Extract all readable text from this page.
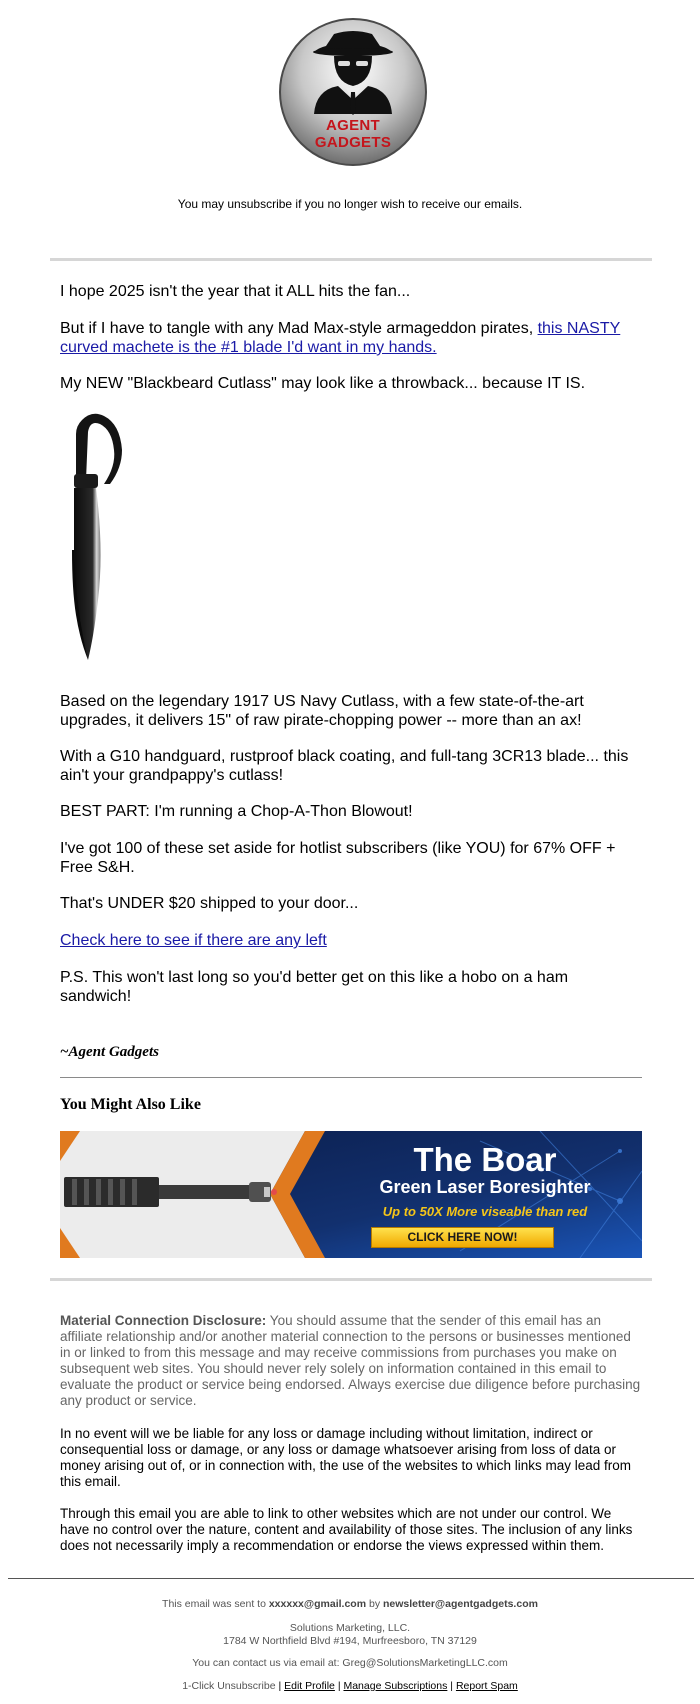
AGENT
GADGETS
You may unsubscribe if you no longer wish to receive our emails.
I hope 2025 isn't the year that it ALL hits the fan...
But if I have to tangle with any Mad Max-style armageddon pirates, this NASTY curved machete is the #1 blade I'd want in my hands.
My NEW "Blackbeard Cutlass" may look like a throwback... because IT IS.
Based on the legendary 1917 US Navy Cutlass, with a few state-of-the-art upgrades, it delivers 15" of raw pirate-chopping power -- more than an ax!
With a G10 handguard, rustproof black coating, and full-tang 3CR13 blade... this ain't your grandpappy's cutlass!
BEST PART: I'm running a Chop-A-Thon Blowout!
I've got 100 of these set aside for hotlist subscribers (like YOU) for 67% OFF + Free S&H.
That's UNDER $20 shipped to your door...
Check here to see if there are any left
P.S. This won't last long so you'd better get on this like a hobo on a ham sandwich!
~Agent Gadgets
You Might Also Like
The Boar
Green Laser Boresighter
Up to 50X More viseable than red
CLICK HERE NOW!
Material Connection Disclosure: You should assume that the sender of this email has an affiliate relationship and/or another material connection to the persons or businesses mentioned in or linked to from this message and may receive commissions from purchases you make on subsequent web sites. You should never rely solely on information contained in this email to evaluate the product or service being endorsed. Always exercise due diligence before purchasing any product or service.
In no event will we be liable for any loss or damage including without limitation, indirect or consequential loss or damage, or any loss or damage whatsoever arising from loss of data or money arising out of, or in connection with, the use of the websites to which links may lead from this email.
Through this email you are able to link to other websites which are not under our control. We have no control over the nature, content and availability of those sites. The inclusion of any links does not necessarily imply a recommendation or endorse the views expressed within them.
This email was sent to xxxxxx@gmail.com by newsletter@agentgadgets.com
Solutions Marketing, LLC.
1784 W Northfield Blvd #194, Murfreesboro, TN 37129
You can contact us via email at: Greg@SolutionsMarketingLLC.com
1-Click Unsubscribe | Edit Profile | Manage Subscriptions | Report Spam
